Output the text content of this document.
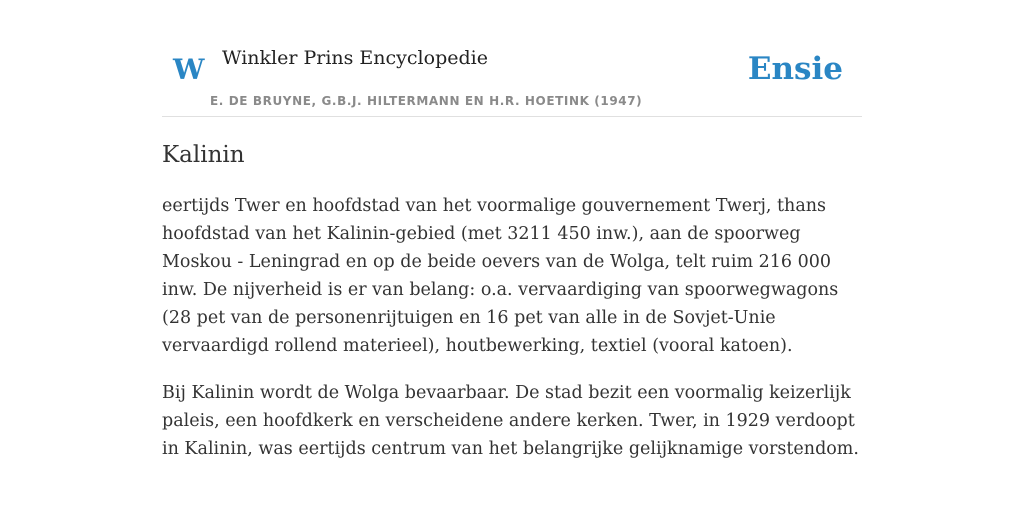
W Winkler Prins Encyclopedie
E. DE BRUYNE, G.B.J. HILTERMANN EN H.R. HOETINK (1947)
Ensie
Kalinin

eertijds Twer en hoofdstad van het voormalige gouvernement Twerj, thans hoofdstad van het Kalinin-gebied (met 3211 450 inw.), aan de spoorweg Moskou - Leningrad en op de beide oevers van de Wolga, telt ruim 216 000 inw. De nijverheid is er van belang: o.a. vervaardiging van spoorwegwagons (28 pet van de personenrijtuigen en 16 pet van alle in de Sovjet-Unie vervaardigd rollend materieel), houtbewerking, textiel (vooral katoen).

Bij Kalinin wordt de Wolga bevaarbaar. De stad bezit een voormalig keizerlijk paleis, een hoofdkerk en verscheidene andere kerken. Twer, in 1929 verdoopt in Kalinin, was eertijds centrum van het belangrijke gelijknamige vorstendom.
